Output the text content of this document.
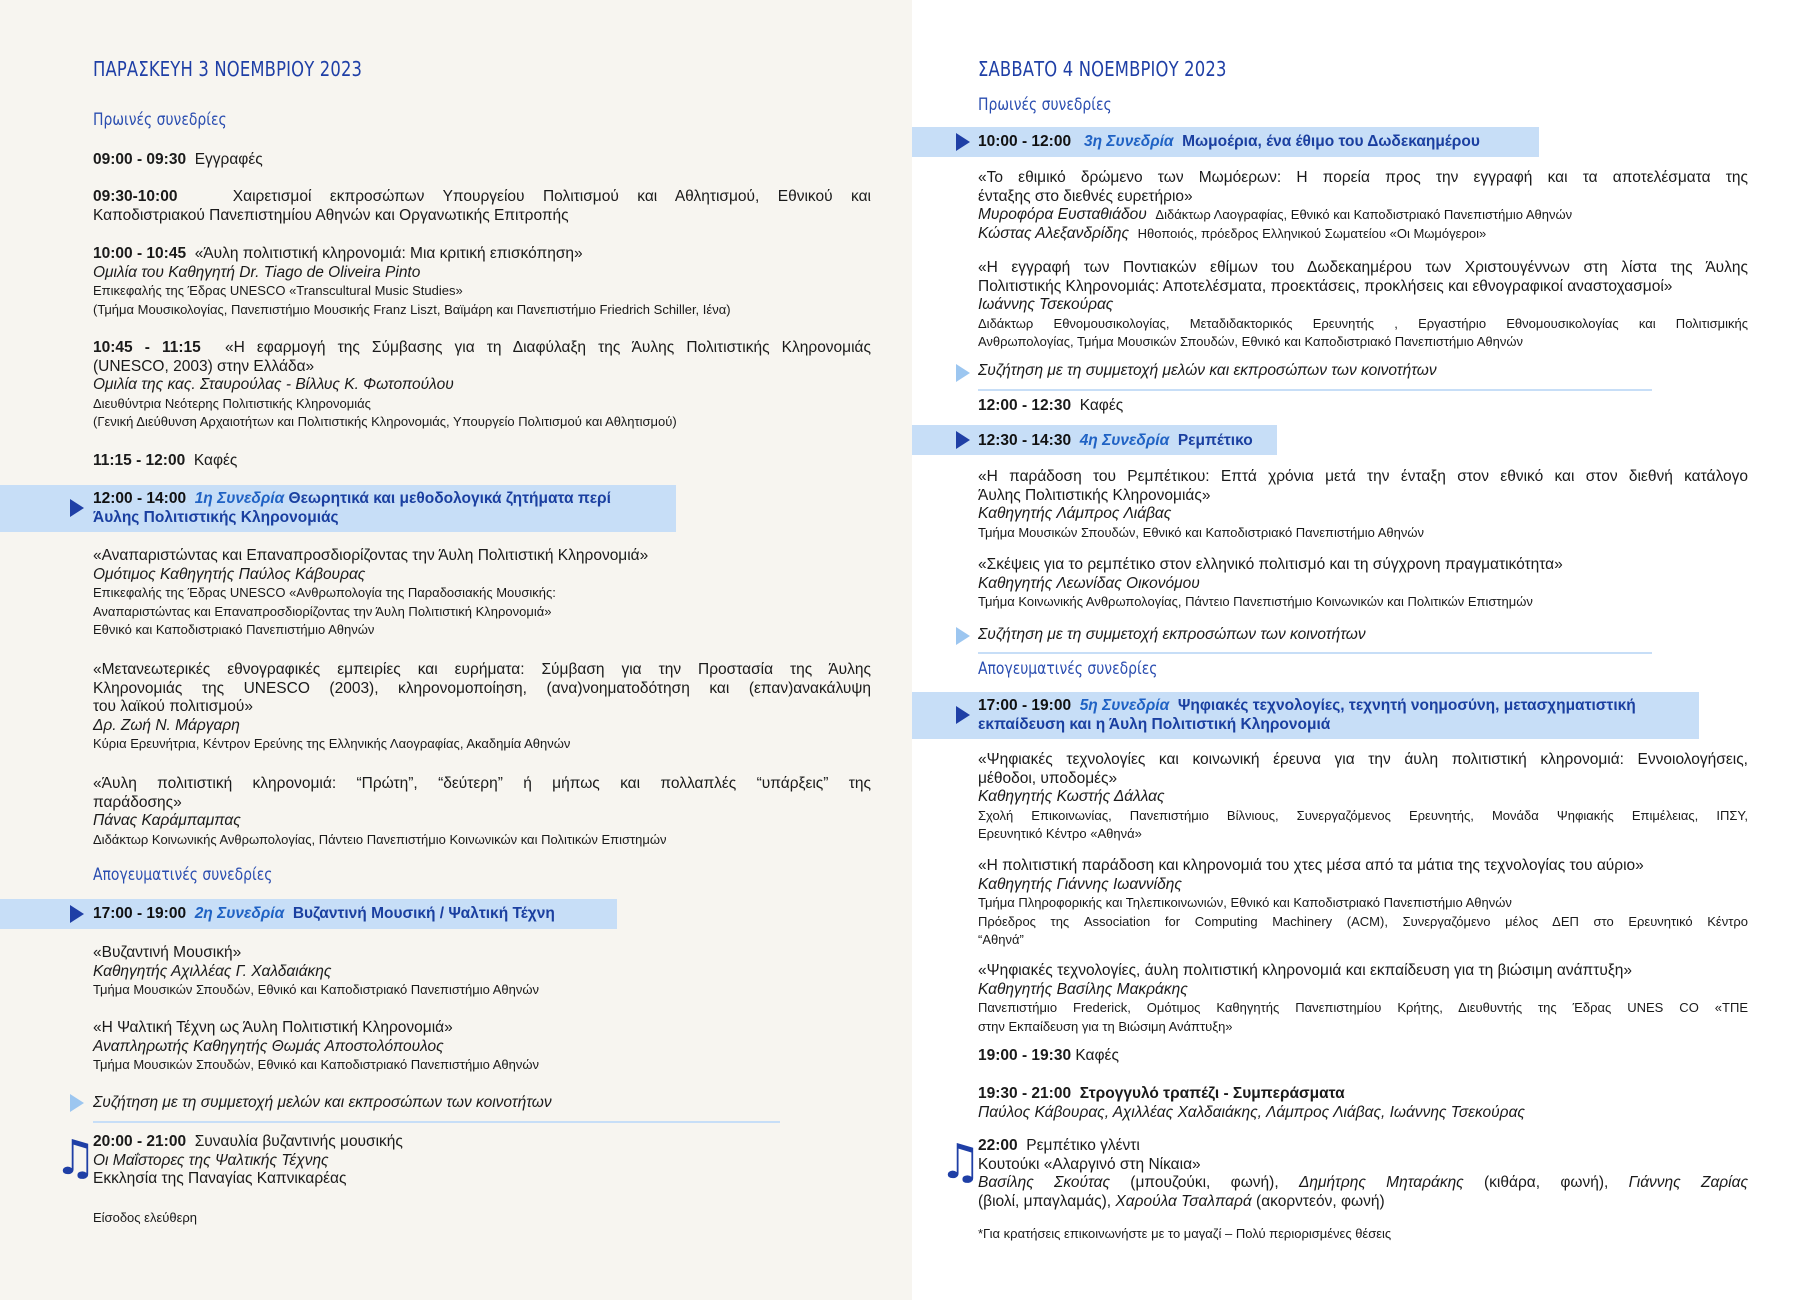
ΠΑΡΑΣΚΕΥΗ 3 ΝΟΕΜΒΡΙΟΥ 2023
Πρωινές συνεδρίες
09:00 - 09:30 Εγγραφές
09:30-10:00	Χαιρετισμοί εκπροσώπων Υπουργείου Πολιτισμού και Αθλητισμού, Εθνικού και
Καποδιστριακού Πανεπιστημίου Αθηνών και Οργανωτικής Επιτροπής
10:00 - 10:45 «Άυλη πολιτιστική κληρονομιά: Μια κριτική επισκόπηση»
Ομιλία του Καθηγητή Dr. Tiago de Oliveira Pinto
Επικεφαλής της Έδρας UNESCO «Transcultural Music Studies»
(Τμήμα Μουσικολογίας, Πανεπιστήμιο Μουσικής Franz Liszt, Βαϊμάρη και Πανεπιστήμιο Friedrich Schiller, Ιένα)
10:45 - 11:15 «Η εφαρμογή της Σύμβασης για τη Διαφύλαξη της Άυλης Πολιτιστικής Κληρονομιάς
(UNESCO, 2003) στην Ελλάδα»
Ομιλία της κας. Σταυρούλας - Βίλλυς Κ. Φωτοπούλου
Διευθύντρια Νεότερης Πολιτιστικής Κληρονομιάς
(Γενική Διεύθυνση Αρχαιοτήτων και Πολιτιστικής Κληρονομιάς, Υπουργείο Πολιτισμού και Αθλητισμού)
11:15 - 12:00 Καφές
12:00 - 14:00 1η Συνεδρία Θεωρητικά και μεθοδολογικά ζητήματα περί
Άυλης Πολιτιστικής Κληρονομιάς
«Αναπαριστώντας και Επαναπροσδιορίζοντας την Άυλη Πολιτιστική Κληρονομιά»
Ομότιμος Καθηγητής Παύλος Κάβουρας
Επικεφαλής της Έδρας UNESCO «Ανθρωπολογία της Παραδοσιακής Μουσικής:
Αναπαριστώντας και Επαναπροσδιορίζοντας την Άυλη Πολιτιστική Κληρονομιά»
Εθνικό και Καποδιστριακό Πανεπιστήμιο Αθηνών
«Μετανεωτερικές εθνογραφικές εμπειρίες και ευρήματα: Σύμβαση για την Προστασία της Άυλης
Κληρονομιάς της UNESCO (2003), κληρονομοποίηση, (ανα)νοηματοδότηση και (επαν)ανακάλυψη
του λαϊκού πολιτισμού»
Δρ. Ζωή Ν. Μάργαρη
Κύρια Ερευνήτρια, Κέντρον Ερεύνης της Ελληνικής Λαογραφίας, Ακαδημία Αθηνών
«Άυλη πολιτιστική κληρονομιά: “Πρώτη”, “δεύτερη” ή μήπως και πολλαπλές “υπάρξεις” της
παράδοσης»
Πάνας Καράμπαμπας
Διδάκτωρ Κοινωνικής Ανθρωπολογίας, Πάντειο Πανεπιστήμιο Κοινωνικών και Πολιτικών Επιστημών
Απογευματινές συνεδρίες
17:00 - 19:00 2η Συνεδρία Βυζαντινή Μουσική / Ψαλτική Τέχνη
«Βυζαντινή Μουσική»
Καθηγητής Αχιλλέας Γ. Χαλδαιάκης
Τμήμα Μουσικών Σπουδών, Εθνικό και Καποδιστριακό Πανεπιστήμιο Αθηνών
«Η Ψαλτική Τέχνη ως Άυλη Πολιτιστική Κληρονομιά»
Αναπληρωτής Καθηγητής Θωμάς Αποστολόπουλος
Τμήμα Μουσικών Σπουδών, Εθνικό και Καποδιστριακό Πανεπιστήμιο Αθηνών
Συζήτηση με τη συμμετοχή μελών και εκπροσώπων των κοινοτήτων
♫
20:00 - 21:00 Συναυλία βυζαντινής μουσικής
Οι Μαΐστορες της Ψαλτικής Τέχνης
Εκκλησία της Παναγίας Καπνικαρέας
Είσοδος ελεύθερη
ΣΑΒΒΑΤΟ 4 ΝΟΕΜΒΡΙΟΥ 2023
Πρωινές συνεδρίες
10:00 - 12:00 3η Συνεδρία Μωμοέρια, ένα έθιμο του Δωδεκαημέρου
«Το εθιμικό δρώμενο των Μωμόερων: Η πορεία προς την εγγραφή και τα αποτελέσματα της
ένταξης στο διεθνές ευρετήριο»
Μυροφόρα Ευσταθιάδου Διδάκτωρ Λαογραφίας, Εθνικό και Καποδιστριακό Πανεπιστήμιο Αθηνών
Κώστας Αλεξανδρίδης Ηθοποιός, πρόεδρος Ελληνικού Σωματείου «Οι Μωμόγεροι»
«Η εγγραφή των Ποντιακών εθίμων του Δωδεκαημέρου των Χριστουγέννων στη λίστα της Άυλης
Πολιτιστικής Κληρονομιάς: Αποτελέσματα, προεκτάσεις, προκλήσεις και εθνογραφικοί αναστοχασμοί»
Ιωάννης Τσεκούρας
Διδάκτωρ Εθνομουσικολογίας, Μεταδιδακτορικός Ερευνητής , Εργαστήριο Εθνομουσικολογίας και Πολιτισμικής
Ανθρωπολογίας, Τμήμα Μουσικών Σπουδών, Εθνικό και Καποδιστριακό Πανεπιστήμιο Αθηνών
Συζήτηση με τη συμμετοχή μελών και εκπροσώπων των κοινοτήτων
12:00 - 12:30 Καφές
12:30 - 14:30 4η Συνεδρία Ρεμπέτικο
«Η παράδοση του Ρεμπέτικου: Επτά χρόνια μετά την ένταξη στον εθνικό και στον διεθνή κατάλογο
Άυλης Πολιτιστικής Κληρονομιάς»
Καθηγητής Λάμπρος Λιάβας
Τμήμα Μουσικών Σπουδών, Εθνικό και Καποδιστριακό Πανεπιστήμιο Αθηνών
«Σκέψεις για το ρεμπέτικο στον ελληνικό πολιτισμό και τη σύγχρονη πραγματικότητα»
Καθηγητής Λεωνίδας Οικονόμου
Τμήμα Κοινωνικής Ανθρωπολογίας, Πάντειο Πανεπιστήμιο Κοινωνικών και Πολιτικών Επιστημών
Συζήτηση με τη συμμετοχή εκπροσώπων των κοινοτήτων
Απογευματινές συνεδρίες
17:00 - 19:00 5η Συνεδρία Ψηφιακές τεχνολογίες, τεχνητή νοημοσύνη, μετασχηματιστική
εκπαίδευση και η Άυλη Πολιτιστική Κληρονομιά
«Ψηφιακές τεχνολογίες και κοινωνική έρευνα για την άυλη πολιτιστική κληρονομιά: Εννοιολογήσεις,
μέθοδοι, υποδομές»
Καθηγητής Κωστής Δάλλας
Σχολή Επικοινωνίας, Πανεπιστήμιο Βίλνιους, Συνεργαζόμενος Ερευνητής, Μονάδα Ψηφιακής Επιμέλειας, ΙΠΣΥ,
Ερευνητικό Κέντρο «Αθηνά»
«Η πολιτιστική παράδοση και κληρονομιά του χτες μέσα από τα μάτια της τεχνολογίας του αύριο»
Καθηγητής Γιάννης Ιωαννίδης
Τμήμα Πληροφορικής και Τηλεπικοινωνιών, Εθνικό και Καποδιστριακό Πανεπιστήμιο Αθηνών
Πρόεδρος της Association for Computing Machinery (ACM), Συνεργαζόμενο μέλος ΔΕΠ στο Ερευνητικό Κέντρο
“Αθηνά”
«Ψηφιακές τεχνολογίες, άυλη πολιτιστική κληρονομιά και εκπαίδευση για τη βιώσιμη ανάπτυξη»
Καθηγητής Βασίλης Μακράκης
Πανεπιστήμιο Frederick, Ομότιμος Καθηγητής Πανεπιστημίου Κρήτης, Διευθυντής της Έδρας UNES CO «ΤΠΕ
στην Εκπαίδευση για τη Βιώσιμη Ανάπτυξη»
19:00 - 19:30 Καφές
19:30 - 21:00 Στρογγυλό τραπέζι - Συμπεράσματα
Παύλος Κάβουρας, Αχιλλέας Χαλδαιάκης, Λάμπρος Λιάβας, Ιωάννης Τσεκούρας
22:00 Ρεμπέτικο γλέντι
Κουτούκι «Αλαργινό στη Νίκαια»
Βασίλης Σκούτας (μπουζούκι, φωνή), Δημήτρης Μηταράκης (κιθάρα, φωνή), Γιάννης Ζαρίας
(βιολί, μπαγλαμάς), Χαρούλα Τσαλπαρά (ακορντεόν, φωνή)
*Για κρατήσεις επικοινωνήστε με το μαγαζί – Πολύ περιορισμένες θέσεις
♫
